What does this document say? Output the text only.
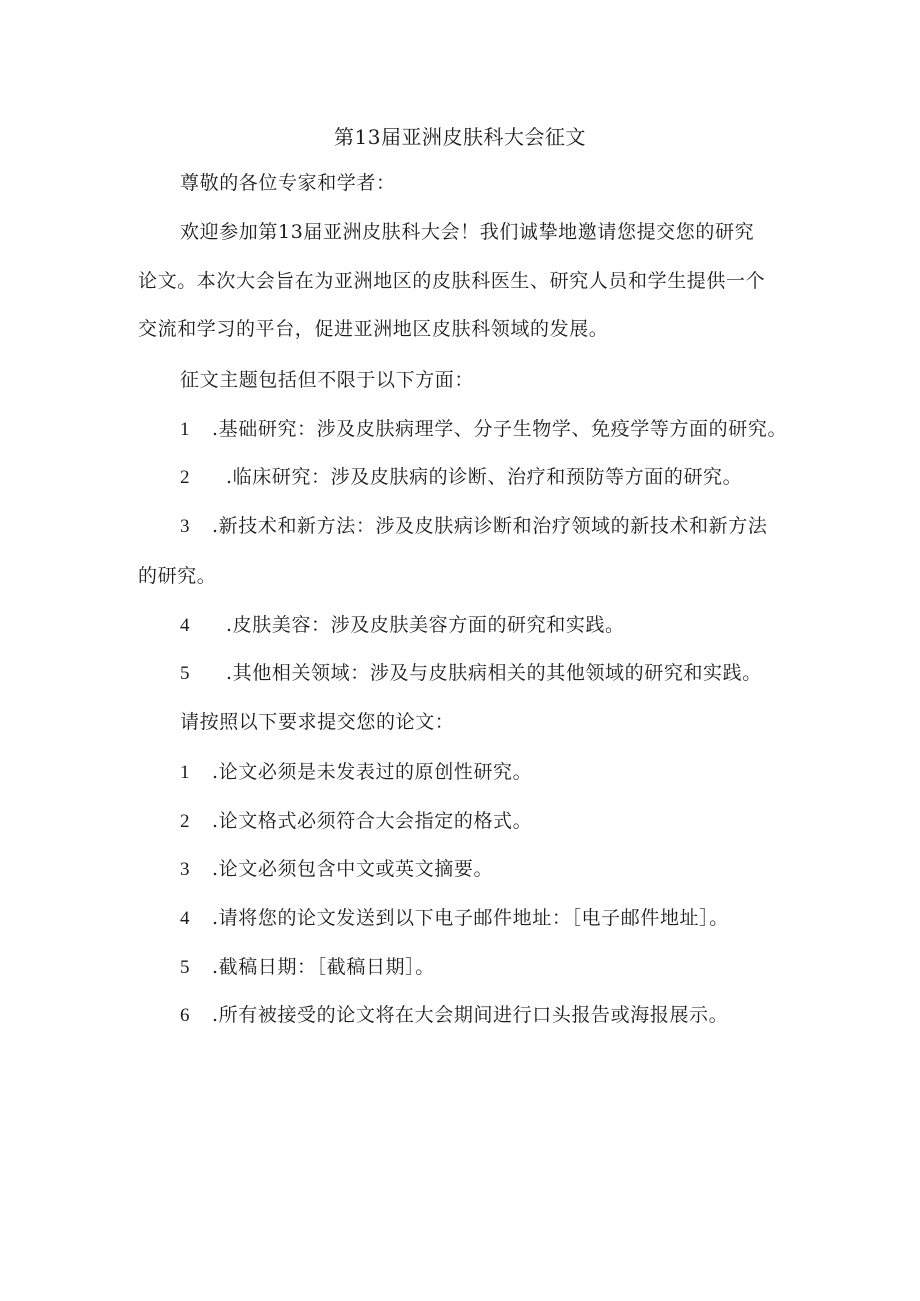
第13届亚洲皮肤科大会征文
尊敬的各位专家和学者：
欢迎参加第13届亚洲皮肤科大会！我们诚挚地邀请您提交您的研究
论文。本次大会旨在为亚洲地区的皮肤科医生、研究人员和学生提供一个
交流和学习的平台，促进亚洲地区皮肤科领域的发展。
征文主题包括但不限于以下方面：
1 .基础研究：涉及皮肤病理学、分子生物学、免疫学等方面的研究。
2 .临床研究：涉及皮肤病的诊断、治疗和预防等方面的研究。
3 .新技术和新方法：涉及皮肤病诊断和治疗领域的新技术和新方法
的研究。
4 .皮肤美容：涉及皮肤美容方面的研究和实践。
5 .其他相关领域：涉及与皮肤病相关的其他领域的研究和实践。
请按照以下要求提交您的论文：
1 .论文必须是未发表过的原创性研究。
2 .论文格式必须符合大会指定的格式。
3 .论文必须包含中文或英文摘要。
4 .请将您的论文发送到以下电子邮件地址：［电子邮件地址］。
5 .截稿日期：［截稿日期］。
6 .所有被接受的论文将在大会期间进行口头报告或海报展示。
